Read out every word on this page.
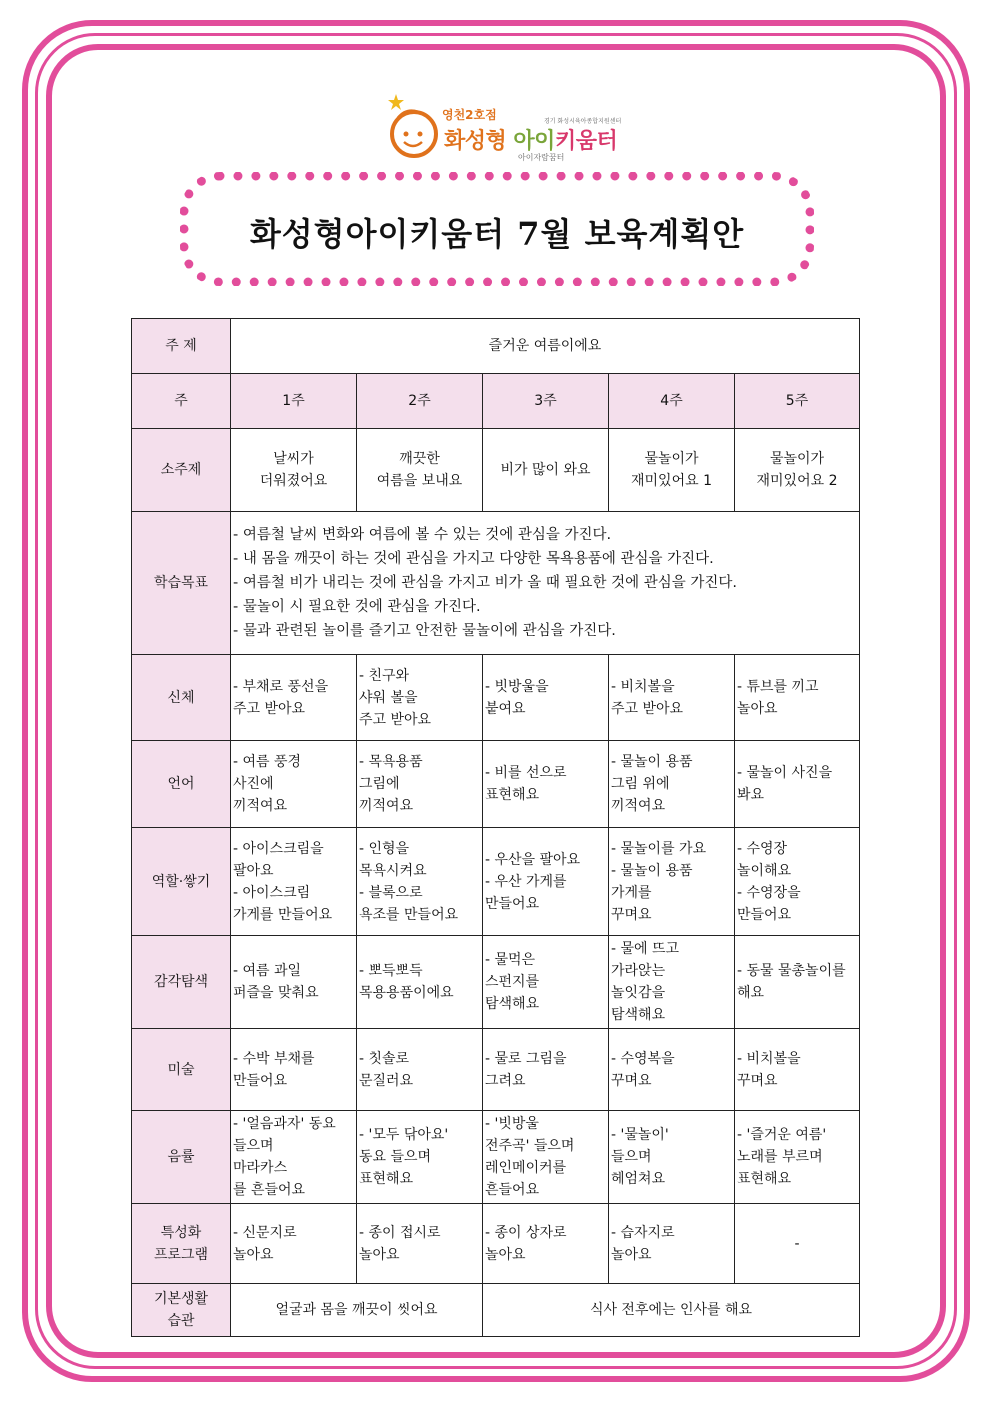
영천2호점	경기 화성시육아종합지원센터
화성형 아이키움터
아이자람꿈터
화성형아이키움터 7월 보육계획안
주 제	즐거운 여름이에요				
주	1주	2주	3주	4주	5주
소주제	날씨가
더워졌어요	깨끗한
여름을 보내요	비가 많이 와요	물놀이가
재미있어요 1	물놀이가
재미있어요 2
학습목표	- 여름철 날씨 변화와 여름에 볼 수 있는 것에 관심을 가진다.
- 내 몸을 깨끗이 하는 것에 관심을 가지고 다양한 목욕용품에 관심을 가진다.
- 여름철 비가 내리는 것에 관심을 가지고 비가 올 때 필요한 것에 관심을 가진다.
- 물놀이 시 필요한 것에 관심을 가진다.
- 물과 관련된 놀이를 즐기고 안전한 물놀이에 관심을 가진다.				

신체	- 부채로 풍선을
주고 받아요	- 친구와
샤워 볼을
주고 받아요	- 빗방울을
붙여요	- 비치볼을
주고 받아요	- 튜브를 끼고
놀아요
언어	- 여름 풍경
사진에
끼적여요	- 목욕용품
그림에
끼적여요	- 비를 선으로
표현해요	- 물놀이 용품
그림 위에
끼적여요	- 물놀이 사진을
봐요
역할·쌓기	- 아이스크림을
팔아요
- 아이스크림
가게를 만들어요	- 인형을
목욕시켜요
- 블록으로
욕조를 만들어요	- 우산을 팔아요
- 우산 가게를
만들어요	- 물놀이를 가요
- 물놀이 용품
가게를
꾸며요	- 수영장
놀이해요
- 수영장을
만들어요
감각탐색	- 여름 과일
퍼즐을 맞춰요	- 뽀득뽀득
목용용품이에요	- 물먹은
스펀지를
탐색해요	- 물에 뜨고
가라앉는
놀잇감을
탐색해요	- 동물 물총놀이를
해요
미술	- 수박 부채를
만들어요	- 칫솔로
문질러요	- 물로 그림을
그려요	- 수영복을
꾸며요	- 비치볼을
꾸며요
음률	- '얼음과자' 동요
들으며
마라카스
를 흔들어요	- '모두 닦아요'
동요 들으며
표현해요	- '빗방울
전주곡' 들으며
레인메이커를
흔들어요	- '물놀이'
들으며
헤엄쳐요	- '즐거운 여름'
노래를 부르며
표현해요
특성화
프로그램	- 신문지로
놀아요	- 종이 접시로
놀아요	- 종이 상자로
놀아요	- 습자지로
놀아요	-
기본생활
습관	얼굴과 몸을 깨끗이 씻어요		식사 전후에는 인사를 해요		
